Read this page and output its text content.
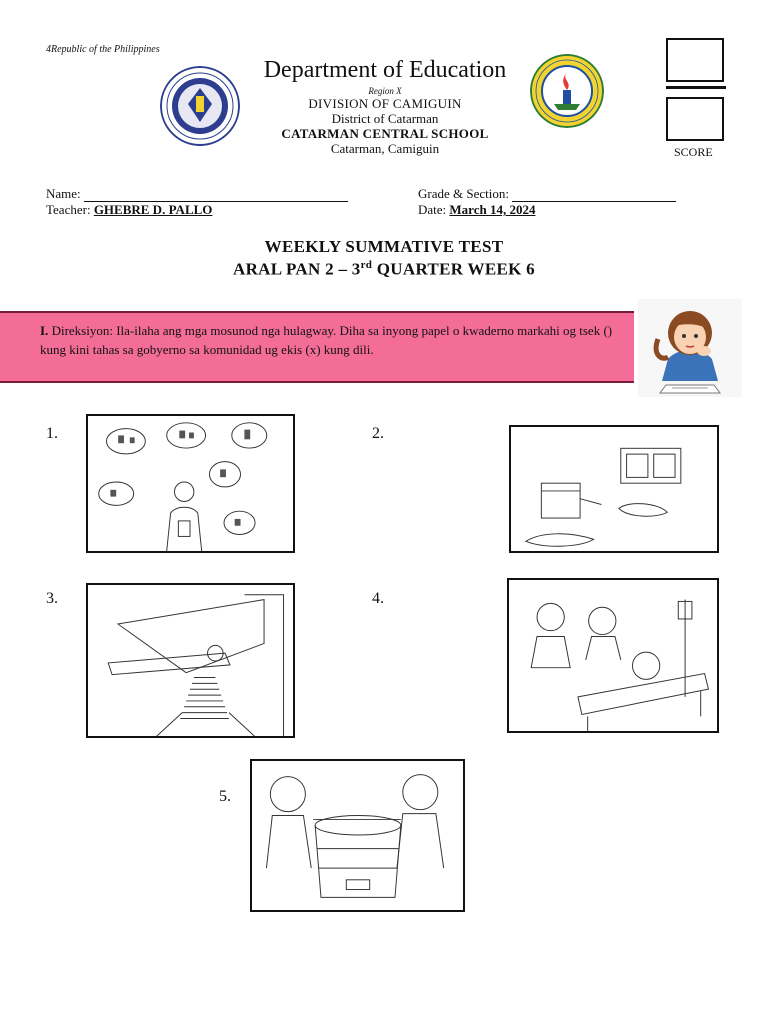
4Republic of the Philippines
Department of Education
Region X
DIVISION OF CAMIGUIN
District of Catarman
CATARMAN CENTRAL SCHOOL
Catarman, Camiguin	SCORE
Name:	Grade & Section:
Teacher: GHEBRE D. PALLO	Date: March 14, 2024
WEEKLY SUMMATIVE TEST
ARAL PAN 2 – 3rd QUARTER WEEK 6
I. Direksiyon: Ila-ilaha ang mga mosunod nga hulagway. Diha sa inyong papel o kwaderno markahi og tsek () kung kini tahas sa gobyerno sa komunidad ug ekis (x) kung dili.
1.	2.
3.	4.
5.
